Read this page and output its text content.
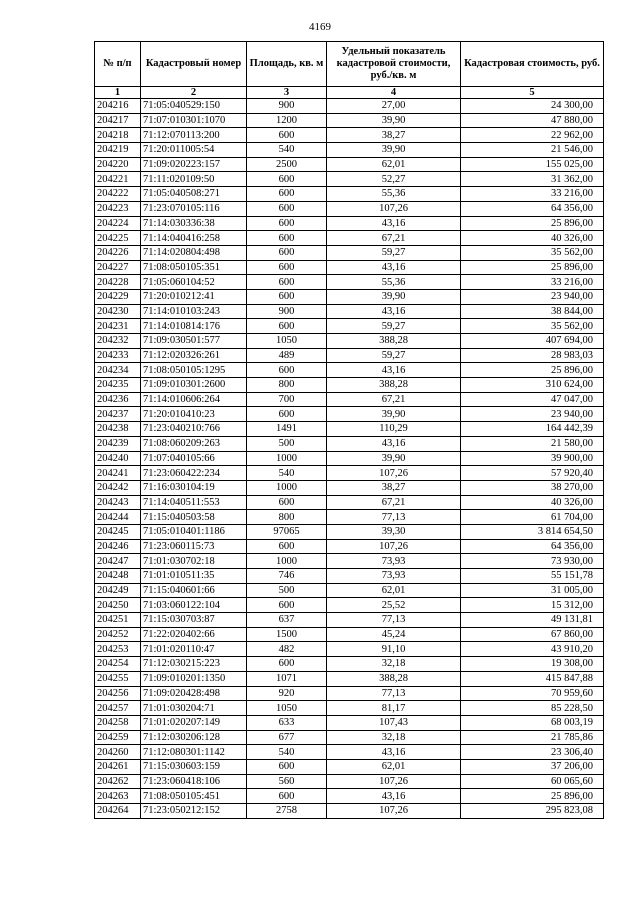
4169
№ п/п	Кадастровый номер	Площадь, кв. м	Удельный показатель кадастровой стоимости, руб./кв. м	Кадастровая стоимость, руб.
1	2	3	4	5
204216	71:05:040529:150	900	27,00	24 300,00
204217	71:07:010301:1070	1200	39,90	47 880,00
204218	71:12:070113:200	600	38,27	22 962,00
204219	71:20:011005:54	540	39,90	21 546,00
204220	71:09:020223:157	2500	62,01	155 025,00
204221	71:11:020109:50	600	52,27	31 362,00
204222	71:05:040508:271	600	55,36	33 216,00
204223	71:23:070105:116	600	107,26	64 356,00
204224	71:14:030336:38	600	43,16	25 896,00
204225	71:14:040416:258	600	67,21	40 326,00
204226	71:14:020804:498	600	59,27	35 562,00
204227	71:08:050105:351	600	43,16	25 896,00
204228	71:05:060104:52	600	55,36	33 216,00
204229	71:20:010212:41	600	39,90	23 940,00
204230	71:14:010103:243	900	43,16	38 844,00
204231	71:14:010814:176	600	59,27	35 562,00
204232	71:09:030501:577	1050	388,28	407 694,00
204233	71:12:020326:261	489	59,27	28 983,03
204234	71:08:050105:1295	600	43,16	25 896,00
204235	71:09:010301:2600	800	388,28	310 624,00
204236	71:14:010606:264	700	67,21	47 047,00
204237	71:20:010410:23	600	39,90	23 940,00
204238	71:23:040210:766	1491	110,29	164 442,39
204239	71:08:060209:263	500	43,16	21 580,00
204240	71:07:040105:66	1000	39,90	39 900,00
204241	71:23:060422:234	540	107,26	57 920,40
204242	71:16:030104:19	1000	38,27	38 270,00
204243	71:14:040511:553	600	67,21	40 326,00
204244	71:15:040503:58	800	77,13	61 704,00
204245	71:05:010401:1186	97065	39,30	3 814 654,50
204246	71:23:060115:73	600	107,26	64 356,00
204247	71:01:030702:18	1000	73,93	73 930,00
204248	71:01:010511:35	746	73,93	55 151,78
204249	71:15:040601:66	500	62,01	31 005,00
204250	71:03:060122:104	600	25,52	15 312,00
204251	71:15:030703:87	637	77,13	49 131,81
204252	71:22:020402:66	1500	45,24	67 860,00
204253	71:01:020110:47	482	91,10	43 910,20
204254	71:12:030215:223	600	32,18	19 308,00
204255	71:09:010201:1350	1071	388,28	415 847,88
204256	71:09:020428:498	920	77,13	70 959,60
204257	71:01:030204:71	1050	81,17	85 228,50
204258	71:01:020207:149	633	107,43	68 003,19
204259	71:12:030206:128	677	32,18	21 785,86
204260	71:12:080301:1142	540	43,16	23 306,40
204261	71:15:030603:159	600	62,01	37 206,00
204262	71:23:060418:106	560	107,26	60 065,60
204263	71:08:050105:451	600	43,16	25 896,00
204264	71:23:050212:152	2758	107,26	295 823,08
